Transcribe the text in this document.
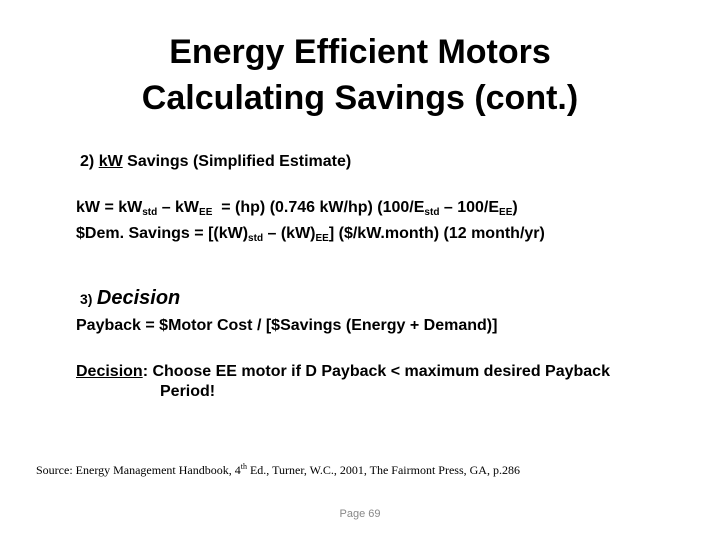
Energy Efficient Motors
Calculating Savings (cont.)
2) kW Savings (Simplified Estimate)
kW = $kW_{std} - kW_{EE} = (hp)$ (0.746 kW/hp) $(100/E_{std} - 100/E_{EE})$
$Dem. Savings = $[(kW)_{std} - (kW)_{EE}]$ ($/kW.month) (12 month/yr)
3) Decision
Payback = $Motor Cost / [$Savings (Energy + Demand)]
Decision: Choose EE motor if D Payback < maximum desired Payback
Period!
Source: Energy Management Handbook, 4th Ed., Turner, W.C., 2001, The Fairmont Press, GA, p.286
Page 69
